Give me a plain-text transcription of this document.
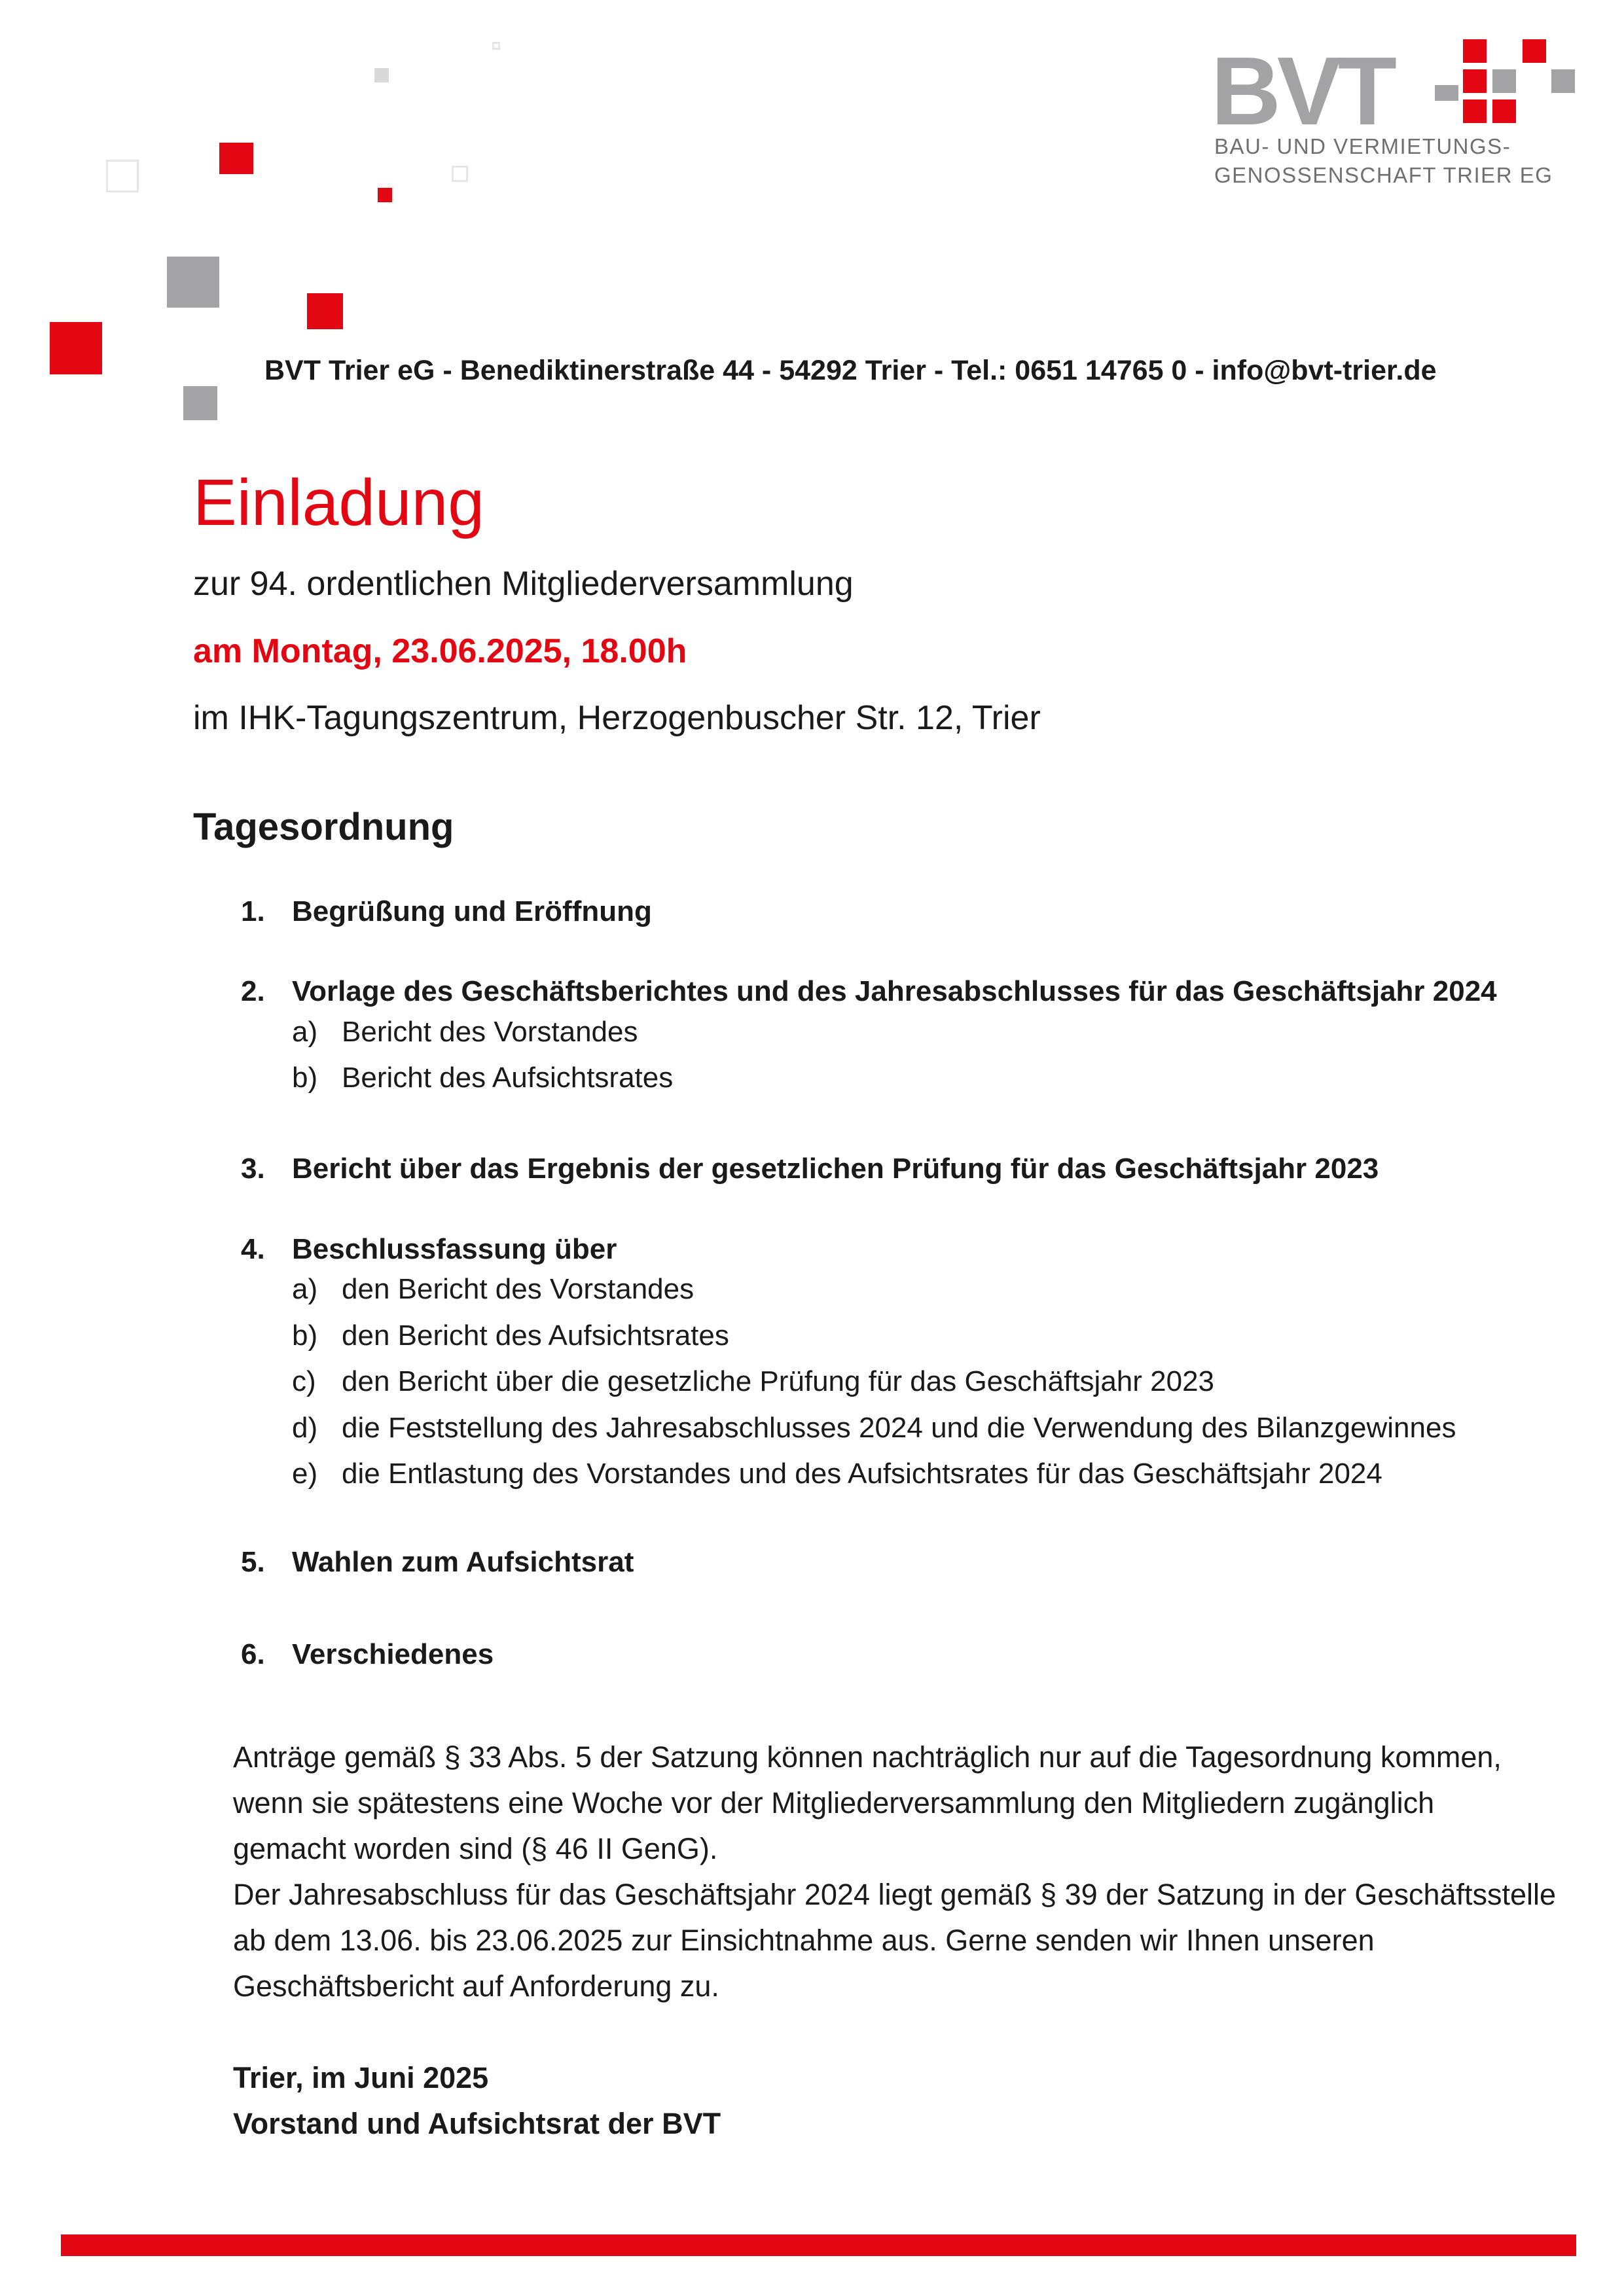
BVT
BAU- UND VERMIETUNGS-
GENOSSENSCHAFT TRIER EG
BVT Trier eG - Benediktinerstraße 44 - 54292 Trier - Tel.: 0651 14765 0 - info@bvt-trier.de
Einladung
zur 94. ordentlichen Mitgliederversammlung
am Montag, 23.06.2025, 18.00h
im IHK-Tagungszentrum, Herzogenbuscher Str. 12, Trier
Tagesordnung
1. Begrüßung und Eröffnung
2. Vorlage des Geschäftsberichtes und des Jahresabschlusses für das Geschäftsjahr 2024
a) Bericht des Vorstandes
b) Bericht des Aufsichtsrates
3. Bericht über das Ergebnis der gesetzlichen Prüfung für das Geschäftsjahr 2023
4. Beschlussfassung über
a) den Bericht des Vorstandes
b) den Bericht des Aufsichtsrates
c) den Bericht über die gesetzliche Prüfung für das Geschäftsjahr 2023
d) die Feststellung des Jahresabschlusses 2024 und die Verwendung des Bilanzgewinnes
e) die Entlastung des Vorstandes und des Aufsichtsrates für das Geschäftsjahr 2024
5. Wahlen zum Aufsichtsrat
6. Verschiedenes

Anträge gemäß § 33 Abs. 5 der Satzung können nachträglich nur auf die Tagesordnung kommen,

wenn sie spätestens eine Woche vor der Mitgliederversammlung den Mitgliedern zugänglich

gemacht worden sind (§ 46 II GenG).

Der Jahresabschluss für das Geschäftsjahr 2024 liegt gemäß § 39 der Satzung in der Geschäftsstelle

ab dem 13.06. bis 23.06.2025 zur Einsichtnahme aus. Gerne senden wir Ihnen unseren

Geschäftsbericht auf Anforderung zu.

Trier, im Juni 2025
Vorstand und Aufsichtsrat der BVT
